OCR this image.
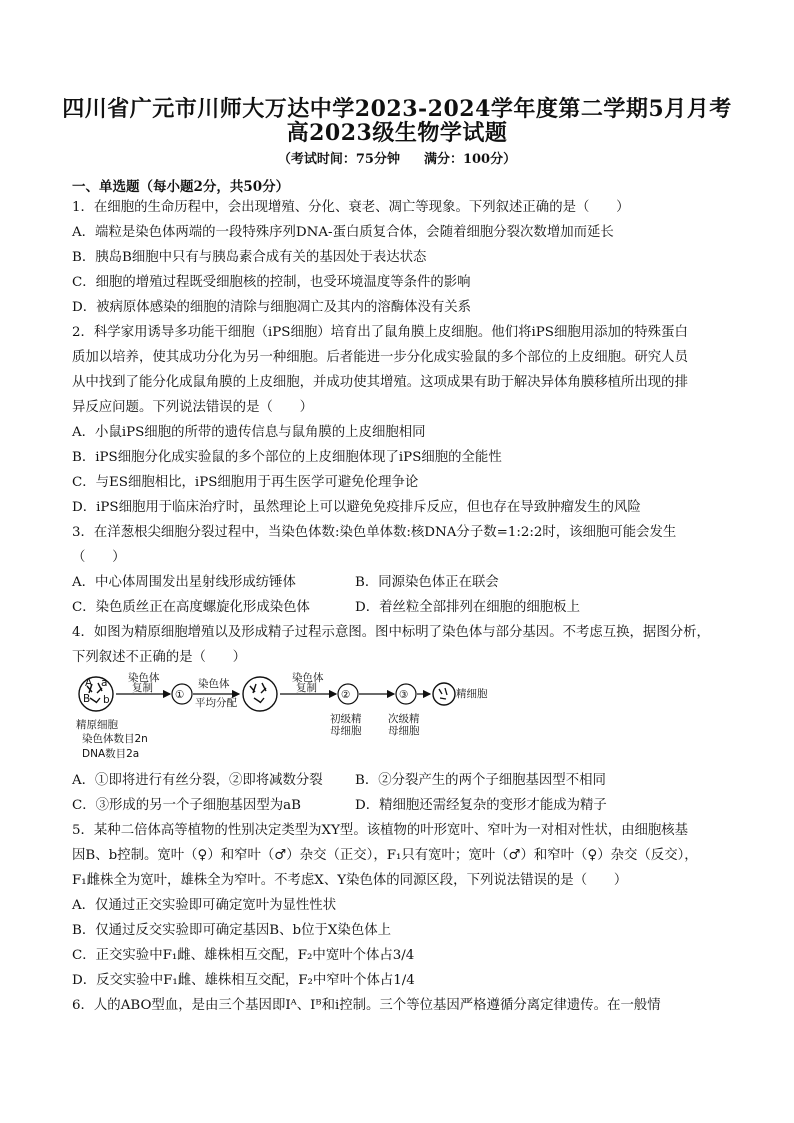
四川省广元市川师大万达中学2023-2024学年度第二学期5月月考
高2023级生物学试题
（考试时间：75分钟 满分：100分）
一、单选题（每小题2分，共50分）
1．在细胞的生命历程中，会出现增殖、分化、衰老、凋亡等现象。下列叙述正确的是（　　）
A．端粒是染色体两端的一段特殊序列DNA-蛋白质复合体，会随着细胞分裂次数增加而延长
B．胰岛B细胞中只有与胰岛素合成有关的基因处于表达状态
C．细胞的增殖过程既受细胞核的控制，也受环境温度等条件的影响
D．被病原体感染的细胞的清除与细胞凋亡及其内的溶酶体没有关系
2．科学家用诱导多功能干细胞（iPS细胞）培育出了鼠角膜上皮细胞。他们将iPS细胞用添加的特殊蛋白
质加以培养，使其成功分化为另一种细胞。后者能进一步分化成实验鼠的多个部位的上皮细胞。研究人员
从中找到了能分化成鼠角膜的上皮细胞，并成功使其增殖。这项成果有助于解决异体角膜移植所出现的排
异反应问题。下列说法错误的是（　　）
A．小鼠iPS细胞的所带的遗传信息与鼠角膜的上皮细胞相同
B．iPS细胞分化成实验鼠的多个部位的上皮细胞体现了iPS细胞的全能性
C．与ES细胞相比，iPS细胞用于再生医学可避免伦理争论
D．iPS细胞用于临床治疗时，虽然理论上可以避免免疫排斥反应，但也存在导致肿瘤发生的风险
3．在洋葱根尖细胞分裂过程中，当染色体数:染色单体数:核DNA分子数=1:2:2时，该细胞可能会发生
（　　）
A．中心体周围发出星射线形成纺锤体	B．同源染色体正在联会
C．染色质丝正在高度螺旋化形成染色体	D．着丝粒全部排列在细胞的细胞板上
4．如图为精原细胞增殖以及形成精子过程示意图。图中标明了染色体与部分基因。不考虑互换，据图分析，
下列叙述不正确的是（　　）
A a
B b
染色体
复制
①
染色体
平均分配
染色体
复制
②
初级精
母细胞
③
次级精
母细胞
精细胞
精原细胞
染色体数目2n
DNA数目2a
A．①即将进行有丝分裂，②即将减数分裂	B．②分裂产生的两个子细胞基因型不相同
C．③形成的另一个子细胞基因型为aB	D．精细胞还需经复杂的变形才能成为精子
5．某种二倍体高等植物的性别决定类型为XY型。该植物的叶形宽叶、窄叶为一对相对性状，由细胞核基
因B、b控制。宽叶（♀）和窄叶（♂）杂交（正交），F₁只有宽叶；宽叶（♂）和窄叶（♀）杂交（反交），
F₁雌株全为宽叶，雄株全为窄叶。不考虑X、Y染色体的同源区段，下列说法错误的是（　　）
A．仅通过正交实验即可确定宽叶为显性性状
B．仅通过反交实验即可确定基因B、b位于X染色体上
C．正交实验中F₁雌、雄株相互交配，F₂中宽叶个体占3/4
D．反交实验中F₁雌、雄株相互交配，F₂中窄叶个体占1/4
6．人的ABO型血，是由三个基因即Iᴬ、Iᴮ和i控制。三个等位基因严格遵循分离定律遗传。在一般情
